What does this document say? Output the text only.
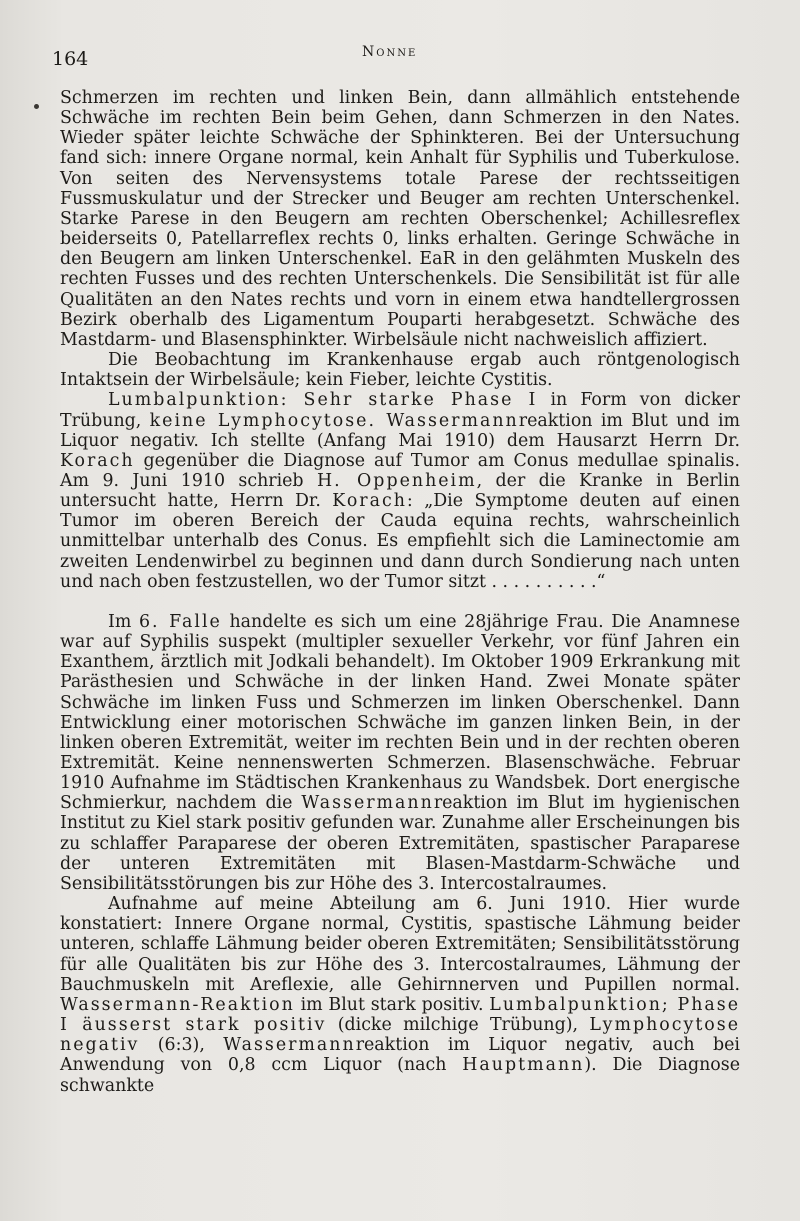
164	Nonne

Schmerzen im rechten und linken Bein, dann allmählich entstehende Schwäche im rechten Bein beim Gehen, dann Schmerzen in den Nates. Wieder später leichte Schwäche der Sphinkteren. Bei der Untersuchung fand sich: innere Organe normal, kein Anhalt für Syphilis und Tuberkulose. Von seiten des Nervensystems totale Parese der rechtsseitigen Fussmuskulatur und der Strecker und Beuger am rechten Unterschenkel. Starke Parese in den Beugern am rechten Oberschenkel; Achillesreflex beiderseits 0, Patellarreflex rechts 0, links erhalten. Geringe Schwäche in den Beugern am linken Unterschenkel. EaR in den gelähmten Muskeln des rechten Fusses und des rechten Unterschenkels. Die Sensibilität ist für alle Qualitäten an den Nates rechts und vorn in einem etwa handtellergrossen Bezirk oberhalb des Ligamentum Pouparti herabgesetzt. Schwäche des Mastdarm- und Blasensphinkter. Wirbelsäule nicht nachweislich affiziert.

Die Beobachtung im Krankenhause ergab auch röntgenologisch Intaktsein der Wirbelsäule; kein Fieber, leichte Cystitis.

Lumbalpunktion: Sehr starke Phase I in Form von dicker Trübung, keine Lymphocytose. Wassermannreaktion im Blut und im Liquor negativ. Ich stellte (Anfang Mai 1910) dem Hausarzt Herrn Dr. Korach gegenüber die Diagnose auf Tumor am Conus medullae spinalis. Am 9. Juni 1910 schrieb H. Oppenheim, der die Kranke in Berlin untersucht hatte, Herrn Dr. Korach: „Die Symptome deuten auf einen Tumor im oberen Bereich der Cauda equina rechts, wahrscheinlich unmittelbar unterhalb des Conus. Es empfiehlt sich die Laminectomie am zweiten Lendenwirbel zu beginnen und dann durch Sondierung nach unten und nach oben festzustellen, wo der Tumor sitzt . . . . . . . . . .“

Im 6. Falle handelte es sich um eine 28jährige Frau. Die Anamnese war auf Syphilis suspekt (multipler sexueller Verkehr, vor fünf Jahren ein Exanthem, ärztlich mit Jodkali behandelt). Im Oktober 1909 Erkrankung mit Parästhesien und Schwäche in der linken Hand. Zwei Monate später Schwäche im linken Fuss und Schmerzen im linken Oberschenkel. Dann Entwicklung einer motorischen Schwäche im ganzen linken Bein, in der linken oberen Extremität, weiter im rechten Bein und in der rechten oberen Extremität. Keine nennenswerten Schmerzen. Blasenschwäche. Februar 1910 Aufnahme im Städtischen Krankenhaus zu Wandsbek. Dort energische Schmierkur, nachdem die Wassermannreaktion im Blut im hygienischen Institut zu Kiel stark positiv gefunden war. Zunahme aller Erscheinungen bis zu schlaffer Paraparese der oberen Extremitäten, spastischer Paraparese der unteren Extremitäten mit Blasen-Mastdarm-Schwäche und Sensibilitätsstörungen bis zur Höhe des 3. Intercostalraumes.

Aufnahme auf meine Abteilung am 6. Juni 1910. Hier wurde konstatiert: Innere Organe normal, Cystitis, spastische Lähmung beider unteren, schlaffe Lähmung beider oberen Extremitäten; Sensibilitätsstörung für alle Qualitäten bis zur Höhe des 3. Intercostalraumes, Lähmung der Bauchmuskeln mit Areflexie, alle Gehirnnerven und Pupillen normal. Wassermann-Reaktion im Blut stark positiv. Lumbalpunktion; Phase I äusserst stark positiv (dicke milchige Trübung), Lymphocytose negativ (6:3), Wassermannreaktion im Liquor negativ, auch bei Anwendung von 0,8 ccm Liquor (nach Hauptmann). Die Diagnose schwankte
